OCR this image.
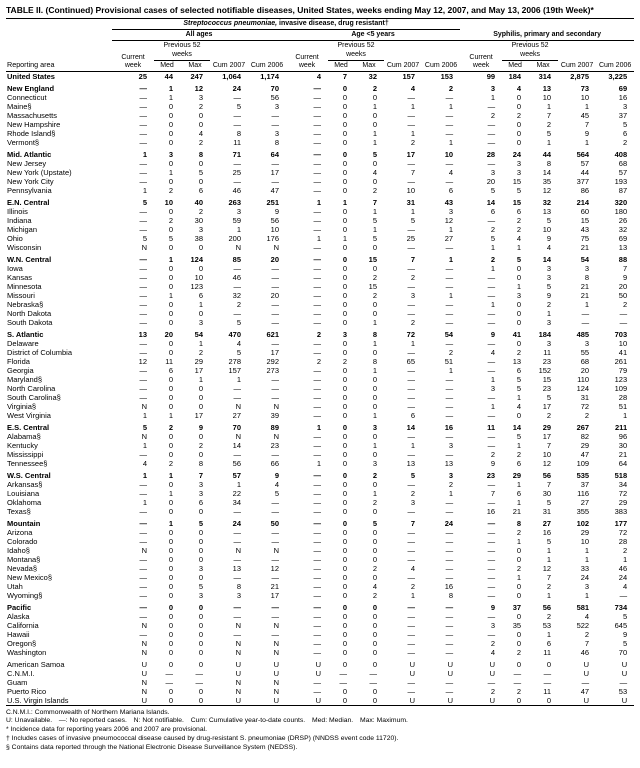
TABLE II. (Continued) Provisional cases of selected notifiable diseases, United States, weeks ending May 12, 2007, and May 13, 2006 (19th Week)*
Reporting area	Streptococcus pneumoniae, invasive disease, drug resistant†														
	All ages					Age <5 years					Syphilis, primary and secondary				
	Current week	Previous 52 weeks		Cum 2007	Cum 2006	Current week	Previous 52 weeks		Cum 2007	Cum 2006	Current week	Previous 52 weeks		Cum 2007	Cum 2006
		Med	Max				Med	Max				Med	Max		
United States	25	44	247	1,064	1,174	4	7	32	157	153	99	184	314	2,875	3,225
New England	—	1	12	24	70	—	0	2	4	2	3	4	13	73	69
Connecticut	—	1	3	—	56	—	0	0	—	—	1	0	10	10	16
Maine§	—	0	2	5	3	—	0	1	1	1	—	0	1	1	3
Massachusetts	—	0	0	—	—	—	0	0	—	—	2	2	7	45	37
New Hampshire	—	0	0	—	—	—	0	0	—	—	—	0	2	7	5
Rhode Island§	—	0	4	8	3	—	0	1	1	—	—	0	5	9	6
Vermont§	—	0	2	11	8	—	0	1	2	1	—	0	1	1	2
Mid. Atlantic	1	3	8	71	64	—	0	5	17	10	28	24	44	564	408
New Jersey	—	0	0	—	—	—	0	0	—	—	—	3	8	57	68
New York (Upstate)	—	1	5	25	17	—	0	4	7	4	3	3	14	44	57
New York City	—	0	0	—	—	—	0	0	—	—	20	15	35	377	193
Pennsylvania	1	2	6	46	47	—	0	2	10	6	5	5	12	86	87
E.N. Central	5	10	40	263	251	1	1	7	31	43	14	15	32	214	320
Illinois	—	0	2	3	9	—	0	1	1	3	6	6	13	60	180
Indiana	—	2	30	59	56	—	0	5	5	12	—	2	5	15	26
Michigan	—	0	3	1	10	—	0	1	—	1	2	2	10	43	32
Ohio	5	5	38	200	176	1	1	5	25	27	5	4	9	75	69
Wisconsin	N	0	0	N	N	—	0	0	—	—	1	1	4	21	13
W.N. Central	—	1	124	85	20	—	0	15	7	1	2	5	14	54	88
Iowa	—	0	0	—	—	—	0	0	—	—	1	0	3	3	7
Kansas	—	0	10	46	—	—	0	2	2	—	—	0	3	8	9
Minnesota	—	0	123	—	—	—	0	15	—	—	—	1	5	21	20
Missouri	—	1	6	32	20	—	0	2	3	1	—	3	9	21	50
Nebraska§	—	0	1	2	—	—	0	0	—	—	1	0	2	1	2
North Dakota	—	0	0	—	—	—	0	0	—	—	—	0	1	—	—
South Dakota	—	0	3	5	—	—	0	1	2	—	—	0	3	—	—
S. Atlantic	13	20	54	470	621	2	3	8	72	54	9	41	184	485	703
Delaware	—	0	1	4	—	—	0	1	1	—	—	0	3	3	10
District of Columbia	—	0	2	5	17	—	0	0	—	2	4	2	11	55	41
Florida	12	11	29	278	292	2	2	8	65	51	—	13	23	68	261
Georgia	—	6	17	157	273	—	0	1	—	1	—	6	152	20	79
Maryland§	—	0	1	1	—	—	0	0	—	—	1	5	15	110	123
North Carolina	—	0	0	—	—	—	0	0	—	—	3	5	23	124	109
South Carolina§	—	0	0	—	—	—	0	0	—	—	—	1	5	31	28
Virginia§	N	0	0	N	N	—	0	0	—	—	1	4	17	72	51
West Virginia	1	1	17	27	39	—	0	1	6	—	—	0	2	2	1
E.S. Central	5	2	9	70	89	1	0	3	14	16	11	14	29	267	211
Alabama§	N	0	0	N	N	—	0	0	—	—	—	5	17	82	96
Kentucky	1	0	2	14	23	—	0	1	1	3	—	1	7	29	30
Mississippi	—	0	0	—	—	—	0	0	—	—	2	2	10	47	21
Tennessee§	4	2	8	56	66	1	0	3	13	13	9	6	12	109	64
W.S. Central	1	1	7	57	9	—	0	2	5	3	23	29	56	535	518
Arkansas§	—	0	3	1	4	—	0	0	—	2	—	1	7	37	34
Louisiana	—	1	3	22	5	—	0	1	2	1	7	6	30	116	72
Oklahoma	1	0	6	34	—	—	0	2	3	—	—	1	5	27	29
Texas§	—	0	0	—	—	—	0	0	—	—	16	21	31	355	383
Mountain	—	1	5	24	50	—	0	5	7	24	—	8	27	102	177
Arizona	—	0	0	—	—	—	0	0	—	—	—	2	16	29	72
Colorado	—	0	0	—	—	—	0	0	—	—	—	1	5	10	28
Idaho§	N	0	0	N	N	—	0	0	—	—	—	0	1	1	2
Montana§	—	0	0	—	—	—	0	0	—	—	—	0	1	1	1
Nevada§	—	0	3	13	12	—	0	2	4	—	—	2	12	33	46
New Mexico§	—	0	0	—	—	—	0	0	—	—	—	1	7	24	24
Utah	—	0	5	8	21	—	0	4	2	16	—	0	2	3	4
Wyoming§	—	0	3	3	17	—	0	2	1	8	—	0	1	1	—
Pacific	—	0	0	—	—	—	0	0	—	—	9	37	56	581	734
Alaska	—	0	0	—	—	—	0	0	—	—	—	0	2	4	5
California	N	0	0	N	N	—	0	0	—	—	3	35	53	522	645
Hawaii	—	0	0	—	—	—	0	0	—	—	—	0	1	2	9
Oregon§	N	0	0	N	N	—	0	0	—	—	2	0	6	7	5
Washington	N	0	0	N	N	—	0	0	—	—	4	2	11	46	70
American Samoa	U	0	0	U	U	U	0	0	U	U	U	0	0	U	U
C.N.M.I.	U	—	—	U	U	U	—	—	U	U	U	—	—	U	U
Guam	N	—	—	N	N	—	—	—	—	—	—	—	—	—	—
Puerto Rico	N	0	0	N	N	—	0	0	—	—	2	2	11	47	53
U.S. Virgin Islands	U	0	0	U	U	U	0	0	U	U	U	0	0	U	U
C.N.M.I.: Commonwealth of Northern Mariana Islands.
U: Unavailable. —: No reported cases. N: Not notifiable. Cum: Cumulative year-to-date counts. Med: Median. Max: Maximum.
* Incidence data for reporting years 2006 and 2007 are provisional.
† Includes cases of invasive pneumococcal disease caused by drug-resistant S. pneumoniae (DRSP) (NNDSS event code 11720).
§ Contains data reported through the National Electronic Disease Surveillance System (NEDSS).
